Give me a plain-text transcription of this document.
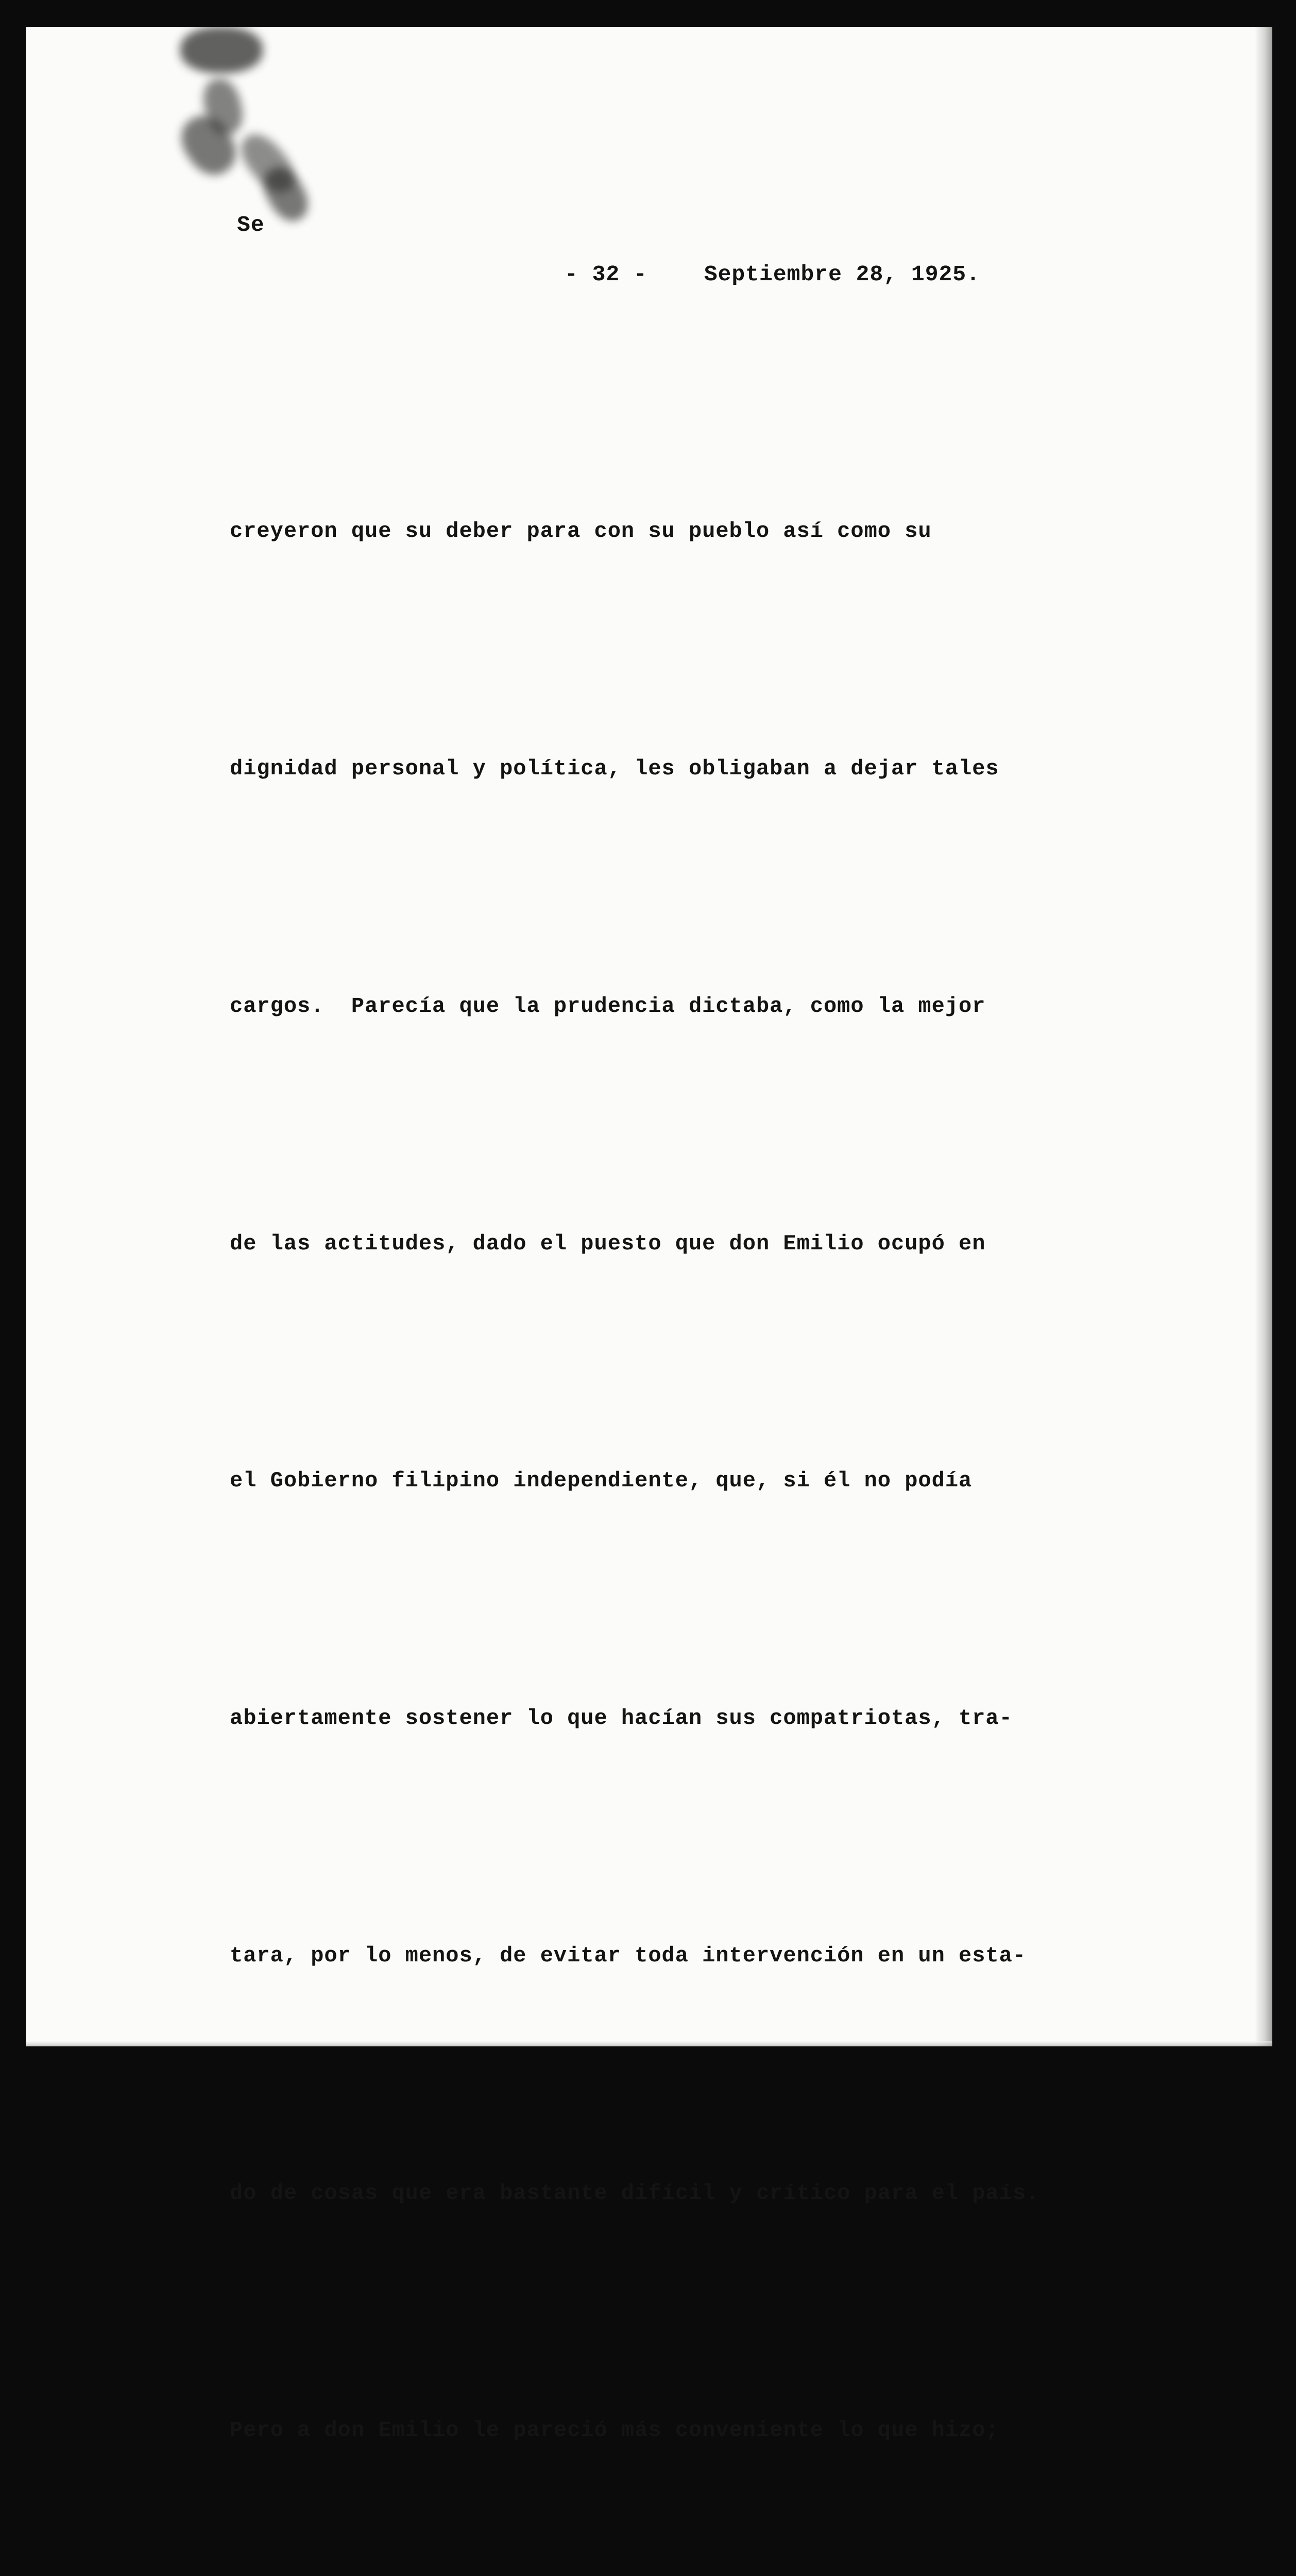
Se
- 32 -	Septiembre 28, 1925.

creyeron que su deber para con su pueblo así como su

dignidad personal y política, les obligaban a dejar tales

cargos.  Parecía que la prudencia dictaba, como la mejor

de las actitudes, dado el puesto que don Emilio ocupó en

el Gobierno filipino independiente, que, si él no podía

abiertamente sostener lo que hacían sus compatriotas, tra-

tara, por lo menos, de evitar toda intervención en un esta-

do de cosas que era bastante difícil y crítico para el país.

Pero a don Emilio le pareció más conveniente lo que hizo;
